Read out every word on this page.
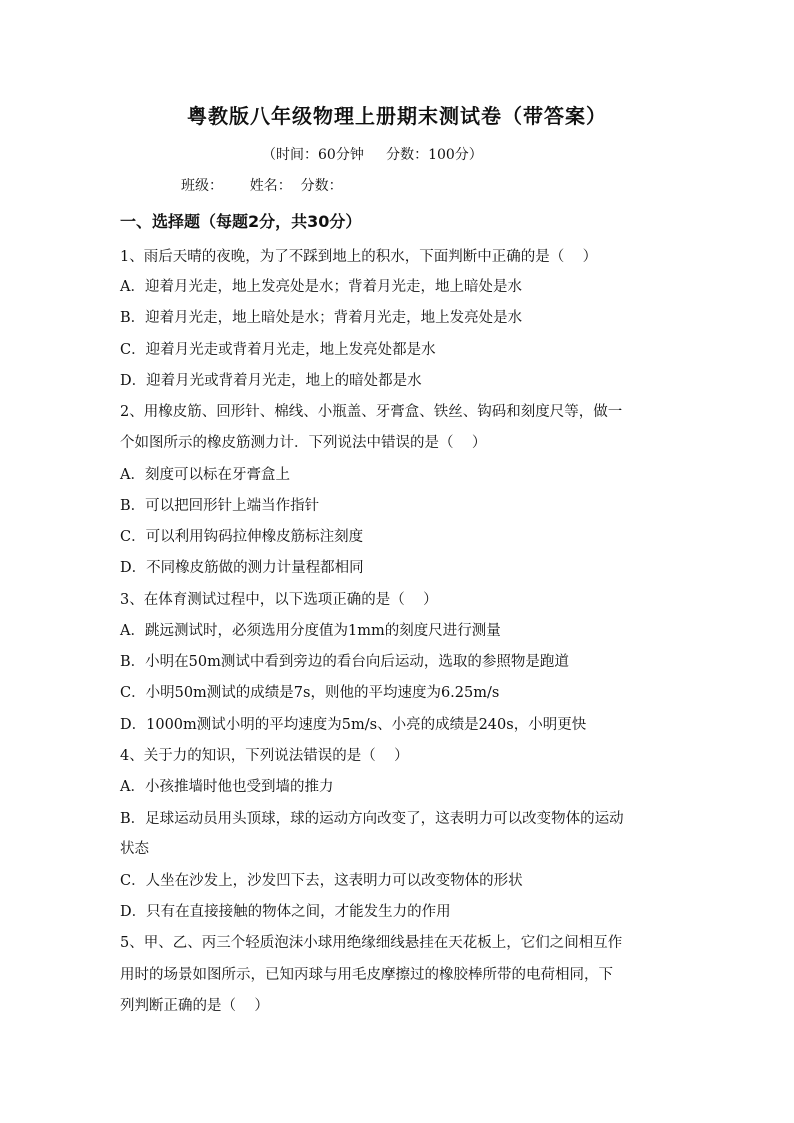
粤教版八年级物理上册期末测试卷（带答案）
（时间：60分钟     分数：100分）
班级：      姓名：  分数：
一、选择题（每题2分，共30分）
1、雨后天晴的夜晚，为了不踩到地上的积水，下面判断中正确的是（    ）
A．迎着月光走，地上发亮处是水；背着月光走，地上暗处是水
B．迎着月光走，地上暗处是水；背着月光走，地上发亮处是水
C．迎着月光走或背着月光走，地上发亮处都是水
D．迎着月光或背着月光走，地上的暗处都是水
2、用橡皮筋、回形针、棉线、小瓶盖、牙膏盒、铁丝、钩码和刻度尺等，做一
个如图所示的橡皮筋测力计．下列说法中错误的是（    ）
A．刻度可以标在牙膏盒上
B．可以把回形针上端当作指针
C．可以利用钩码拉伸橡皮筋标注刻度
D．不同橡皮筋做的测力计量程都相同
3、在体育测试过程中，以下选项正确的是（    ）
A．跳远测试时，必须选用分度值为1mm的刻度尺进行测量
B．小明在50m测试中看到旁边的看台向后运动，选取的参照物是跑道
C．小明50m测试的成绩是7s，则他的平均速度为6.25m/s
D．1000m测试小明的平均速度为5m/s、小亮的成绩是240s，小明更快
4、关于力的知识，下列说法错误的是（    ）
A．小孩推墙时他也受到墙的推力
B．足球运动员用头顶球，球的运动方向改变了，这表明力可以改变物体的运动
状态
C．人坐在沙发上，沙发凹下去，这表明力可以改变物体的形状
D．只有在直接接触的物体之间，才能发生力的作用
5、甲、乙、丙三个轻质泡沫小球用绝缘细线悬挂在天花板上，它们之间相互作
用时的场景如图所示，已知丙球与用毛皮摩擦过的橡胶棒所带的电荷相同，下
列判断正确的是（    ）
